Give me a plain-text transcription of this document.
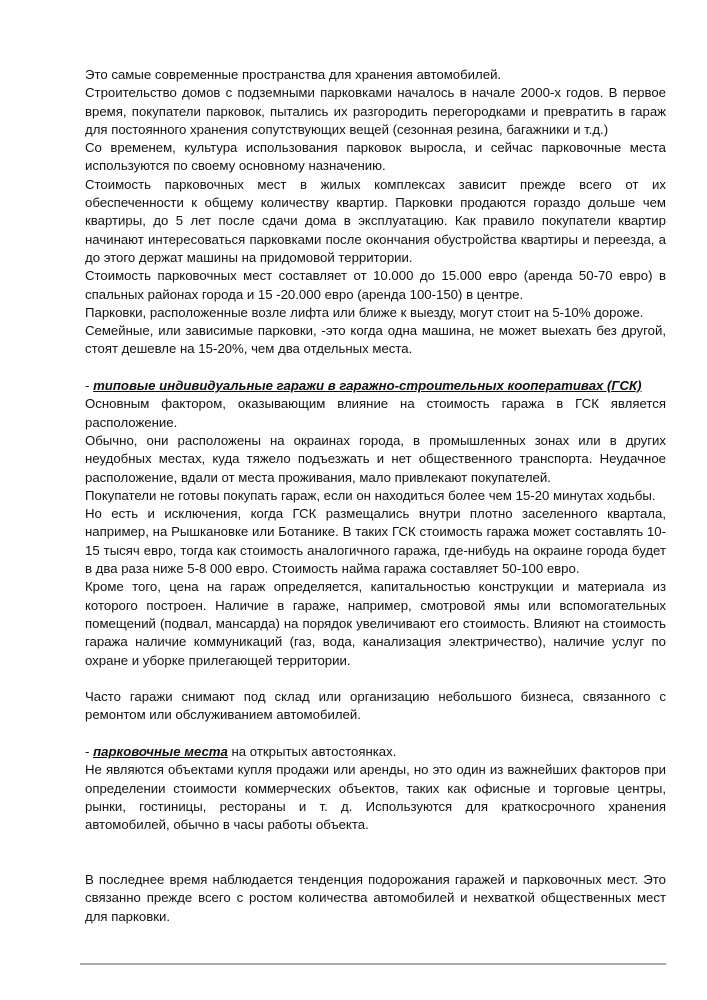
Это самые современные пространства для хранения автомобилей.

Строительство домов с подземными парковками началось в начале 2000-х годов. В первое время, покупатели парковок, пытались их разгородить перегородками и превратить в гараж для постоянного хранения сопутствующих вещей (сезонная резина, багажники и т.д.)

Со временем, культура использования парковок выросла, и сейчас парковочные места используются по своему основному назначению.

Стоимость парковочных мест в жилых комплексах зависит прежде всего от их обеспеченности к общему количеству квартир. Парковки продаются гораздо дольше чем квартиры, до 5 лет после сдачи дома в эксплуатацию. Как правило покупатели квартир начинают интересоваться парковками после окончания обустройства квартиры и переезда, а до этого держат машины на придомовой территории.

Стоимость парковочных мест составляет от 10.000 до 15.000 евро (аренда 50-70 евро) в спальных районах города и 15 -20.000 евро (аренда 100-150) в центре.

Парковки, расположенные возле лифта или ближе к выезду, могут стоит на 5-10% дороже.

Семейные, или зависимые парковки, -это когда одна машина, не может выехать без другой, стоят дешевле на 15-20%, чем два отдельных места.

- типовые индивидуальные гаражи в гаражно-строительных кооперативах (ГСК)

Основным фактором, оказывающим влияние на стоимость гаража в ГСК является расположение.

Обычно, они расположены на окраинах города, в промышленных зонах или в других неудобных местах, куда тяжело подъезжать и нет общественного транспорта. Неудачное расположение, вдали от места проживания, мало привлекают покупателей.

Покупатели не готовы покупать гараж, если он находиться более чем 15-20 минутах ходьбы.

Но есть и исключения, когда ГСК размещались внутри плотно заселенного квартала, например, на Рышкановке или Ботанике. В таких ГСК стоимость гаража может составлять 10-15 тысяч евро, тогда как стоимость аналогичного гаража, где-нибудь на окраине города будет в два раза ниже 5-8 000 евро. Стоимость найма гаража составляет 50-100 евро.

Кроме того, цена на гараж определяется, капитальностью конструкции и материала из которого построен. Наличие в гараже, например, смотровой ямы или вспомогательных помещений (подвал, мансарда) на порядок увеличивают его стоимость. Влияют на стоимость гаража наличие коммуникаций (газ, вода, канализация электричество), наличие услуг по охране и уборке прилегающей территории.

Часто гаражи снимают под склад или организацию небольшого бизнеса, связанного с ремонтом или обслуживанием автомобилей.

- парковочные места на открытых автостоянках.

Не являются объектами купля продажи или аренды, но это один из важнейших факторов при определении стоимости коммерческих объектов, таких как офисные и торговые центры, рынки, гостиницы, рестораны и т. д. Используются для краткосрочного хранения автомобилей, обычно в часы работы объекта.

В последнее время наблюдается тенденция подорожания гаражей и парковочных мест. Это связанно прежде всего с ростом количества автомобилей и нехваткой общественных мест для парковки.
